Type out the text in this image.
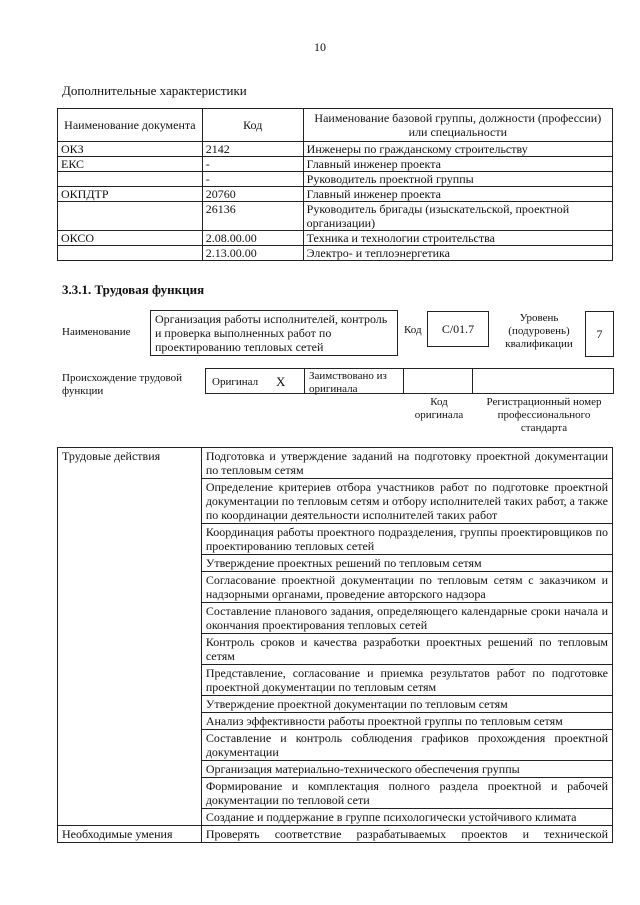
10
Дополнительные характеристики
Наименование документа	Код	Наименование базовой группы, должности (профессии) или специальности
ОКЗ	2142	Инженеры по гражданскому строительству
ЕКС	-	Главный инженер проекта
	-	Руководитель проектной группы
ОКПДТР	20760	Главный инженер проекта
	26136	Руководитель бригады (изыскательской, проектной организации)
ОКСО	2.08.00.00	Техника и технологии строительства
	2.13.00.00	Электро- и теплоэнергетика
3.3.1. Трудовая функция
Наименование
Организация работы исполнителей, контроль и проверка выполненных работ по проектированию тепловых сетей
Код	C/01.7
Уровень (подуровень) квалификации
7
Происхождение трудовой функции
Оригинал X	Заимствовано из оригинала
Код оригинала
Регистрационный номер профессионального стандарта
Трудовые действия	Подготовка и утверждение заданий на подготовку проектной документации по тепловым сетям
	Определение критериев отбора участников работ по подготовке проектной документации по тепловым сетям и отбору исполнителей таких работ, а также по координации деятельности исполнителей таких работ
	Координация работы проектного подразделения, группы проектировщиков по проектированию тепловых сетей
	Утверждение проектных решений по тепловым сетям
	Согласование проектной документации по тепловым сетям с заказчиком и надзорными органами, проведение авторского надзора
	Составление планового задания, определяющего календарные сроки начала и окончания проектирования тепловых сетей
	Контроль сроков и качества разработки проектных решений по тепловым сетям
	Представление, согласование и приемка результатов работ по подготовке проектной документации по тепловым сетям
	Утверждение проектной документации по тепловым сетям
	Анализ эффективности работы проектной группы по тепловым сетям
	Составление и контроль соблюдения графиков прохождения проектной документации
	Организация материально-технического обеспечения группы
	Формирование и комплектация полного раздела проектной и рабочей документации по тепловой сети
	Создание и поддержание в группе психологически устойчивого климата
Необходимые умения	Проверять соответствие разрабатываемых проектов и технической
